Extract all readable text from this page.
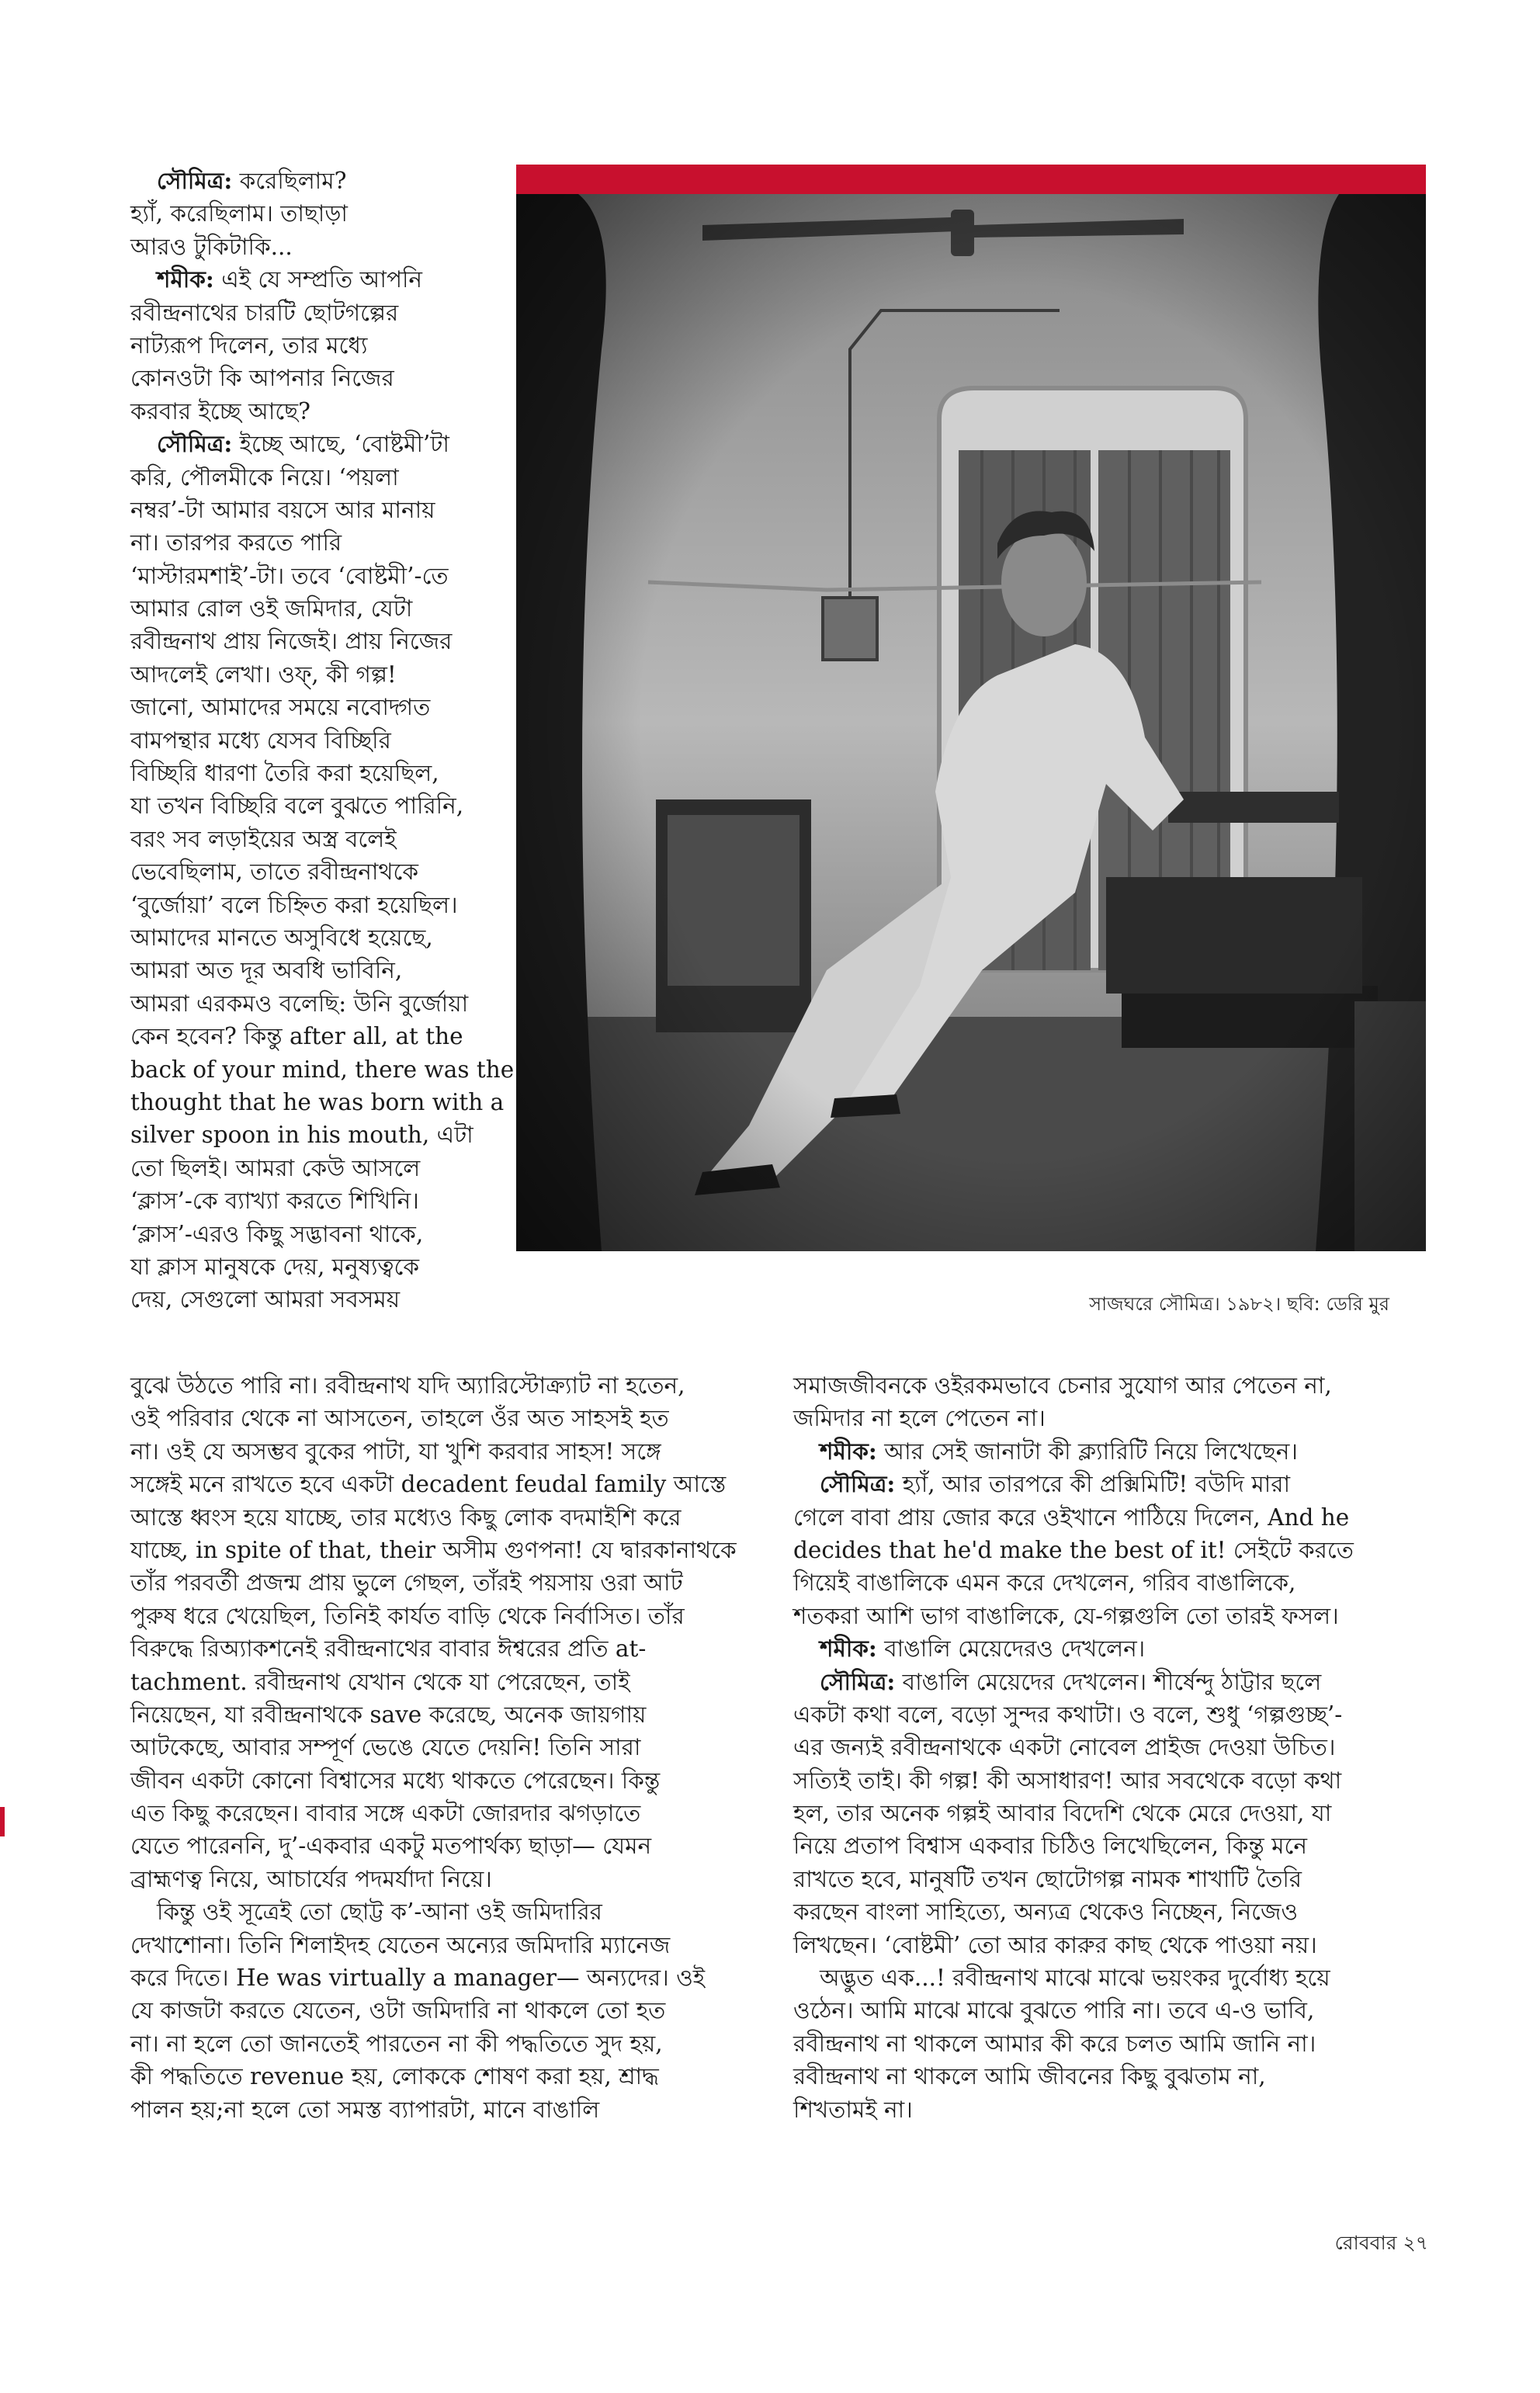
সৌমিত্র: করেছিলাম?
হ্যাঁ, করেছিলাম। তাছাড়া
আরও টুকিটাকি...
শমীক: এই যে সম্প্রতি আপনি
রবীন্দ্রনাথের চারটি ছোটগল্পের
নাট্যরূপ দিলেন, তার মধ্যে
কোনওটা কি আপনার নিজের
করবার ইচ্ছে আছে?
সৌমিত্র: ইচ্ছে আছে, ‘বোষ্টমী’টা
করি, পৌলমীকে নিয়ে। ‘পয়লা
নম্বর’-টা আমার বয়সে আর মানায়
না। তারপর করতে পারি
‘মাস্টারমশাই’-টা। তবে ‘বোষ্টমী’-তে
আমার রোল ওই জমিদার, যেটা
রবীন্দ্রনাথ প্রায় নিজেই। প্রায় নিজের
আদলেই লেখা। ওফ্, কী গল্প!
জানো, আমাদের সময়ে নবোদ্গত
বামপন্থার মধ্যে যেসব বিচ্ছিরি
বিচ্ছিরি ধারণা তৈরি করা হয়েছিল,
যা তখন বিচ্ছিরি বলে বুঝতে পারিনি,
বরং সব লড়াইয়ের অস্ত্র বলেই
ভেবেছিলাম, তাতে রবীন্দ্রনাথকে
‘বুর্জোয়া’ বলে চিহ্নিত করা হয়েছিল।
আমাদের মানতে অসুবিধে হয়েছে,
আমরা অত দূর অবধি ভাবিনি,
আমরা এরকমও বলেছি: উনি বুর্জোয়া
কেন হবেন? কিন্তু after all, at the
back of your mind, there was the
thought that he was born with a
silver spoon in his mouth, এটা
তো ছিলই। আমরা কেউ আসলে
‘ক্লাস’-কে ব্যাখ্যা করতে শিখিনি।
‘ক্লাস’-এরও কিছু সদ্ভাবনা থাকে,
যা ক্লাস মানুষকে দেয়, মনুষ্যত্বকে
দেয়, সেগুলো আমরা সবসময়	সাজঘরে সৌমিত্র। ১৯৮২। ছবি: ডেরি মুর
বুঝে উঠতে পারি না। রবীন্দ্রনাথ যদি অ্যারিস্টোক্র্যাট না হতেন,
ওই পরিবার থেকে না আসতেন, তাহলে ওঁর অত সাহসই হত
না। ওই যে অসম্ভব বুকের পাটা, যা খুশি করবার সাহস! সঙ্গে
সঙ্গেই মনে রাখতে হবে একটা decadent feudal family আস্তে
আস্তে ধ্বংস হয়ে যাচ্ছে, তার মধ্যেও কিছু লোক বদমাইশি করে
যাচ্ছে, in spite of that, their অসীম গুণপনা! যে দ্বারকানাথকে
তাঁর পরবর্তী প্রজন্ম প্রায় ভুলে গেছল, তাঁরই পয়সায় ওরা আট
পুরুষ ধরে খেয়েছিল, তিনিই কার্যত বাড়ি থেকে নির্বাসিত। তাঁর
বিরুদ্ধে রিঅ্যাকশনেই রবীন্দ্রনাথের বাবার ঈশ্বরের প্রতি at-
tachment. রবীন্দ্রনাথ যেখান থেকে যা পেরেছেন, তাই
নিয়েছেন, যা রবীন্দ্রনাথকে save করেছে, অনেক জায়গায়
আটকেছে, আবার সম্পূর্ণ ভেঙে যেতে দেয়নি! তিনি সারা
জীবন একটা কোনো বিশ্বাসের মধ্যে থাকতে পেরেছেন। কিন্তু
এত কিছু করেছেন। বাবার সঙ্গে একটা জোরদার ঝগড়াতে
যেতে পারেননি, দু’-একবার একটু মতপার্থক্য ছাড়া— যেমন
ব্রাহ্মণত্ব নিয়ে, আচার্যের পদমর্যাদা নিয়ে।
কিন্তু ওই সূত্রেই তো ছোট্ট ক’-আনা ওই জমিদারির
দেখাশোনা। তিনি শিলাইদহ যেতেন অন্যের জমিদারি ম্যানেজ
করে দিতে। He was virtually a manager— অন্যদের। ওই
যে কাজটা করতে যেতেন, ওটা জমিদারি না থাকলে তো হত
না। না হলে তো জানতেই পারতেন না কী পদ্ধতিতে সুদ হয়,
কী পদ্ধতিতে revenue হয়, লোককে শোষণ করা হয়, শ্রাদ্ধ
পালন হয়;না হলে তো সমস্ত ব্যাপারটা, মানে বাঙালি
সমাজজীবনকে ওইরকমভাবে চেনার সুযোগ আর পেতেন না,
জমিদার না হলে পেতেন না।
শমীক: আর সেই জানাটা কী ক্ল্যারিটি নিয়ে লিখেছেন।
সৌমিত্র: হ্যাঁ, আর তারপরে কী প্রক্সিমিটি! বউদি মারা
গেলে বাবা প্রায় জোর করে ওইখানে পাঠিয়ে দিলেন, And he
decides that he'd make the best of it! সেইটে করতে
গিয়েই বাঙালিকে এমন করে দেখলেন, গরিব বাঙালিকে,
শতকরা আশি ভাগ বাঙালিকে, যে-গল্পগুলি তো তারই ফসল।
শমীক: বাঙালি মেয়েদেরও দেখলেন।
সৌমিত্র: বাঙালি মেয়েদের দেখলেন। শীর্ষেন্দু ঠাট্টার ছলে
একটা কথা বলে, বড়ো সুন্দর কথাটা। ও বলে, শুধু ‘গল্পগুচ্ছ’-
এর জন্যই রবীন্দ্রনাথকে একটা নোবেল প্রাইজ দেওয়া উচিত।
সত্যিই তাই। কী গল্প! কী অসাধারণ! আর সবথেকে বড়ো কথা
হল, তার অনেক গল্পই আবার বিদেশি থেকে মেরে দেওয়া, যা
নিয়ে প্রতাপ বিশ্বাস একবার চিঠিও লিখেছিলেন, কিন্তু মনে
রাখতে হবে, মানুষটি তখন ছোটোগল্প নামক শাখাটি তৈরি
করছেন বাংলা সাহিত্যে, অন্যত্র থেকেও নিচ্ছেন, নিজেও
লিখছেন। ‘বোষ্টমী’ তো আর কারুর কাছ থেকে পাওয়া নয়।
অদ্ভুত এক...! রবীন্দ্রনাথ মাঝে মাঝে ভয়ংকর দুর্বোধ্য হয়ে
ওঠেন। আমি মাঝে মাঝে বুঝতে পারি না। তবে এ-ও ভাবি,
রবীন্দ্রনাথ না থাকলে আমার কী করে চলত আমি জানি না।
রবীন্দ্রনাথ না থাকলে আমি জীবনের কিছু বুঝতাম না,
শিখতামই না।
রোববার ২৭
